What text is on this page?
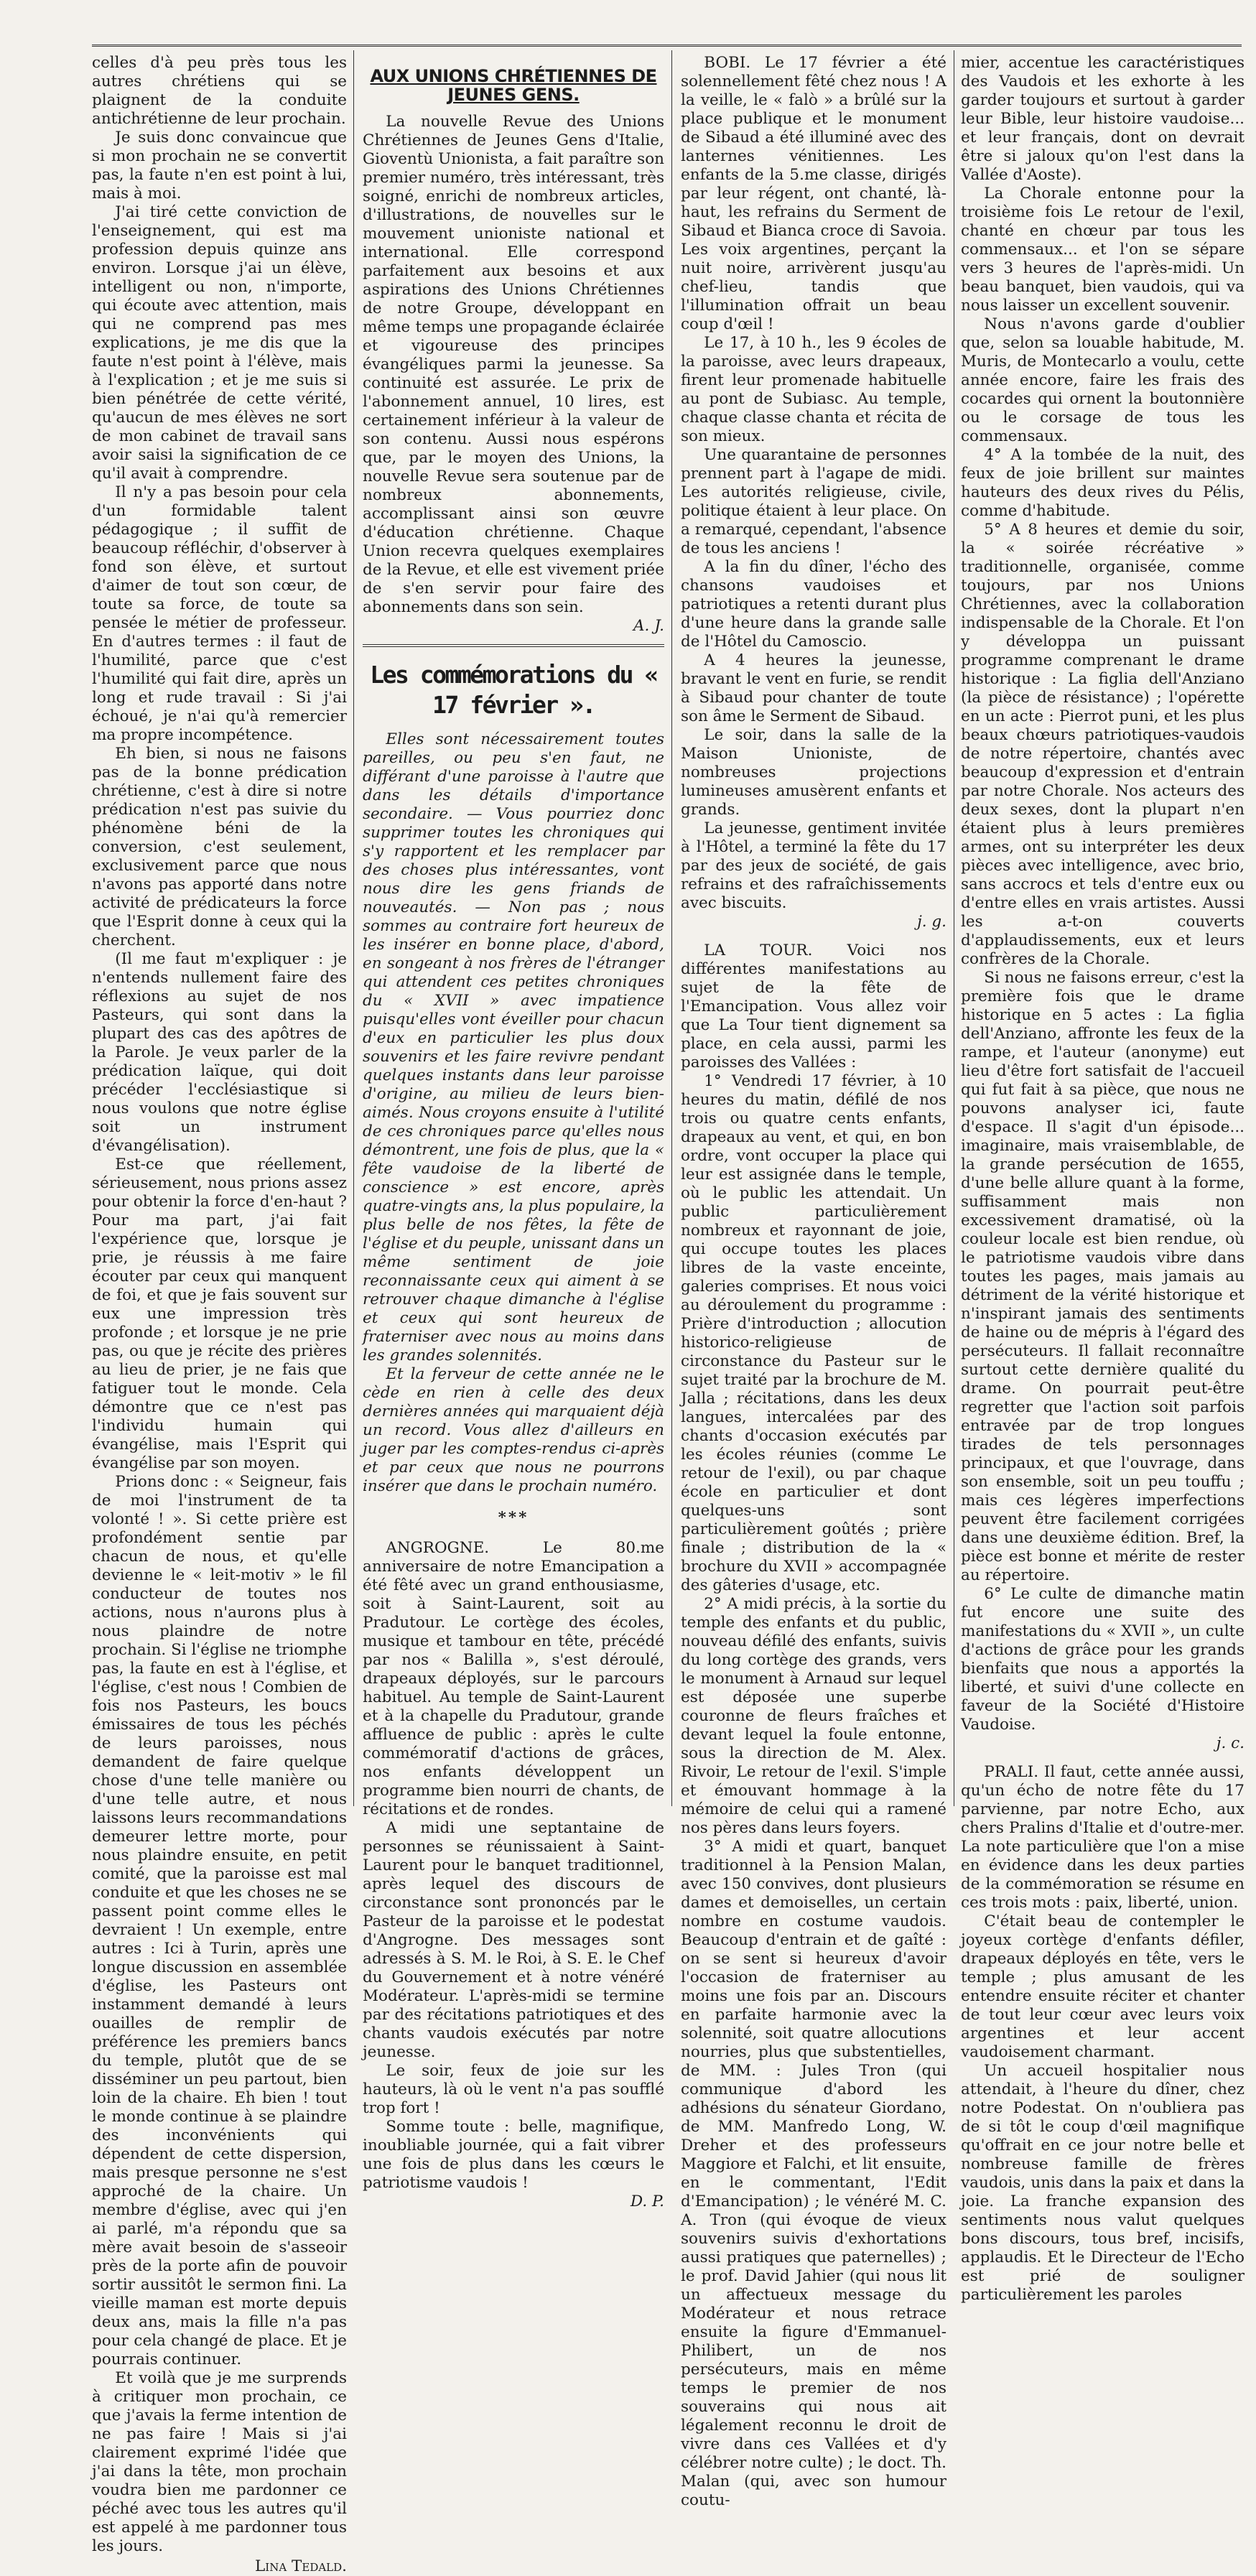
celles d'à peu près tous les autres chrétiens qui se plaignent de la conduite antichrétienne de leur prochain.

Je suis donc convaincue que si mon prochain ne se convertit pas, la faute n'en est point à lui, mais à moi.

J'ai tiré cette conviction de l'enseignement, qui est ma profession depuis quinze ans environ. Lorsque j'ai un élève, intelligent ou non, n'importe, qui écoute avec attention, mais qui ne comprend pas mes explications, je me dis que la faute n'est point à l'élève, mais à l'explication ; et je me suis si bien pénétrée de cette vérité, qu'aucun de mes élèves ne sort de mon cabinet de travail sans avoir saisi la signification de ce qu'il avait à comprendre.

Il n'y a pas besoin pour cela d'un formidable talent pédagogique ; il suffit de beaucoup réfléchir, d'observer à fond son élève, et surtout d'aimer de tout son cœur, de toute sa force, de toute sa pensée le métier de professeur. En d'autres termes : il faut de l'humilité, parce que c'est l'humilité qui fait dire, après un long et rude travail : Si j'ai échoué, je n'ai qu'à remercier ma propre incompétence.

Eh bien, si nous ne faisons pas de la bonne prédication chrétienne, c'est à dire si notre prédication n'est pas suivie du phénomène béni de la conversion, c'est seulement, exclusivement parce que nous n'avons pas apporté dans notre activité de prédicateurs la force que l'Esprit donne à ceux qui la cherchent.

(Il me faut m'expliquer : je n'entends nullement faire des réflexions au sujet de nos Pasteurs, qui sont dans la plupart des cas des apôtres de la Parole. Je veux parler de la prédication laïque, qui doit précéder l'ecclésiastique si nous voulons que notre église soit un instrument d'évangélisation).

Est-ce que réellement, sérieusement, nous prions assez pour obtenir la force d'en-haut ? Pour ma part, j'ai fait l'expérience que, lorsque je prie, je réussis à me faire écouter par ceux qui manquent de foi, et que je fais souvent sur eux une impression très profonde ; et lorsque je ne prie pas, ou que je récite des prières au lieu de prier, je ne fais que fatiguer tout le monde. Cela démontre que ce n'est pas l'individu humain qui évangélise, mais l'Esprit qui évangélise par son moyen.

Prions donc : « Seigneur, fais de moi l'instrument de ta volonté ! ». Si cette prière est profondément sentie par chacun de nous, et qu'elle devienne le « leit-motiv » le fil conducteur de toutes nos actions, nous n'aurons plus à nous plaindre de notre prochain. Si l'église ne triomphe pas, la faute en est à l'église, et l'église, c'est nous ! Combien de fois nos Pasteurs, les boucs émissaires de tous les péchés de leurs paroisses, nous demandent de faire quelque chose d'une telle manière ou d'une telle autre, et nous laissons leurs recommandations demeurer lettre morte, pour nous plaindre ensuite, en petit comité, que la paroisse est mal conduite et que les choses ne se passent point comme elles le devraient ! Un exemple, entre autres : Ici à Turin, après une longue discussion en assemblée d'église, les Pasteurs ont instamment demandé à leurs ouailles de remplir de préférence les premiers bancs du temple, plutôt que de se disséminer un peu partout, bien loin de la chaire. Eh bien ! tout le monde continue à se plaindre des inconvénients qui dépendent de cette dispersion, mais presque personne ne s'est approché de la chaire. Un membre d'église, avec qui j'en ai parlé, m'a répondu que sa mère avait besoin de s'asseoir près de la porte afin de pouvoir sortir aussitôt le sermon fini. La vieille maman est morte depuis deux ans, mais la fille n'a pas pour cela changé de place. Et je pourrais continuer.

Et voilà que je me surprends à critiquer mon prochain, ce que j'avais la ferme intention de ne pas faire ! Mais si j'ai clairement exprimé l'idée que j'ai dans la tête, mon prochain voudra bien me pardonner ce péché avec tous les autres qu'il est appelé à me pardonner tous les jours.

Lina Tedald.
AUX UNIONS CHRÉTIENNES DE JEUNES GENS.

La nouvelle Revue des Unions Chrétiennes de Jeunes Gens d'Italie, Gioventù Unionista, a fait paraître son premier numéro, très intéressant, très soigné, enrichi de nombreux articles, d'illustrations, de nouvelles sur le mouvement unioniste national et international. Elle correspond parfaitement aux besoins et aux aspirations des Unions Chrétiennes de notre Groupe, développant en même temps une propagande éclairée et vigoureuse des principes évangéliques parmi la jeunesse. Sa continuité est assurée. Le prix de l'abonnement annuel, 10 lires, est certainement inférieur à la valeur de son contenu. Aussi nous espérons que, par le moyen des Unions, la nouvelle Revue sera soutenue par de nombreux abonnements, accomplissant ainsi son œuvre d'éducation chrétienne. Chaque Union recevra quelques exemplaires de la Revue, et elle est vivement priée de s'en servir pour faire des abonnements dans son sein.

A. J.
Les commémorations du « 17 février ».

Elles sont nécessairement toutes pareilles, ou peu s'en faut, ne différant d'une paroisse à l'autre que dans les détails d'importance secondaire. — Vous pourriez donc supprimer toutes les chroniques qui s'y rapportent et les remplacer par des choses plus intéressantes, vont nous dire les gens friands de nouveautés. — Non pas ; nous sommes au contraire fort heureux de les insérer en bonne place, d'abord, en songeant à nos frères de l'étranger qui attendent ces petites chroniques du « XVII » avec impatience puisqu'elles vont éveiller pour chacun d'eux en particulier les plus doux souvenirs et les faire revivre pendant quelques instants dans leur paroisse d'origine, au milieu de leurs bien-aimés. Nous croyons ensuite à l'utilité de ces chroniques parce qu'elles nous démontrent, une fois de plus, que la « fête vaudoise de la liberté de conscience » est encore, après quatre-vingts ans, la plus populaire, la plus belle de nos fêtes, la fête de l'église et du peuple, unissant dans un même sentiment de joie reconnaissante ceux qui aiment à se retrouver chaque dimanche à l'église et ceux qui sont heureux de fraterniser avec nous au moins dans les grandes solennités.

Et la ferveur de cette année ne le cède en rien à celle des deux dernières années qui marquaient déjà un record. Vous allez d'ailleurs en juger par les comptes-rendus ci-après et par ceux que nous ne pourrons insérer que dans le prochain numéro.

***

ANGROGNE. Le 80.me anniversaire de notre Emancipation a été fêté avec un grand enthousiasme, soit à Saint-Laurent, soit au Pradutour. Le cortège des écoles, musique et tambour en tête, précédé par nos « Balilla », s'est déroulé, drapeaux déployés, sur le parcours habituel. Au temple de Saint-Laurent et à la chapelle du Pradutour, grande affluence de public : après le culte commémoratif d'actions de grâces, nos enfants développent un programme bien nourri de chants, de récitations et de rondes.

A midi une septantaine de personnes se réunissaient à Saint-Laurent pour le banquet traditionnel, après lequel des discours de circonstance sont prononcés par le Pasteur de la paroisse et le podestat d'Angrogne. Des messages sont adressés à S. M. le Roi, à S. E. le Chef du Gouvernement et à notre vénéré Modérateur. L'après-midi se termine par des récitations patriotiques et des chants vaudois exécutés par notre jeunesse.

Le soir, feux de joie sur les hauteurs, là où le vent n'a pas soufflé trop fort !

Somme toute : belle, magnifique, inoubliable journée, qui a fait vibrer une fois de plus dans les cœurs le patriotisme vaudois !

D. P.

BOBI. Le 17 février a été solennellement fêté chez nous ! A la veille, le « falò » a brûlé sur la place publique et le monument de Sibaud a été illuminé avec des lanternes vénitiennes. Les enfants de la 5.me classe, dirigés par leur régent, ont chanté, là-haut, les refrains du Serment de Sibaud et Bianca croce di Savoia. Les voix argentines, perçant la nuit noire, arrivèrent jusqu'au chef-lieu, tandis que l'illumination offrait un beau coup d'œil !

Le 17, à 10 h., les 9 écoles de la paroisse, avec leurs drapeaux, firent leur promenade habituelle au pont de Subiasc. Au temple, chaque classe chanta et récita de son mieux.

Une quarantaine de personnes prennent part à l'agape de midi. Les autorités religieuse, civile, politique étaient à leur place. On a remarqué, cependant, l'absence de tous les anciens !

A la fin du dîner, l'écho des chansons vaudoises et patriotiques a retenti durant plus d'une heure dans la grande salle de l'Hôtel du Camoscio.

A 4 heures la jeunesse, bravant le vent en furie, se rendit à Sibaud pour chanter de toute son âme le Serment de Sibaud.

Le soir, dans la salle de la Maison Unioniste, de nombreuses projections lumineuses amusèrent enfants et grands.

La jeunesse, gentiment invitée à l'Hôtel, a terminé la fête du 17 par des jeux de société, de gais refrains et des rafraîchissements avec biscuits.

j. g.

LA TOUR. Voici nos différentes manifestations au sujet de la fête de l'Emancipation. Vous allez voir que La Tour tient dignement sa place, en cela aussi, parmi les paroisses des Vallées :

1° Vendredi 17 février, à 10 heures du matin, défilé de nos trois ou quatre cents enfants, drapeaux au vent, et qui, en bon ordre, vont occuper la place qui leur est assignée dans le temple, où le public les attendait. Un public particulièrement nombreux et rayonnant de joie, qui occupe toutes les places libres de la vaste enceinte, galeries comprises. Et nous voici au déroulement du programme : Prière d'introduction ; allocution historico-religieuse de circonstance du Pasteur sur le sujet traité par la brochure de M. Jalla ; récitations, dans les deux langues, intercalées par des chants d'occasion exécutés par les écoles réunies (comme Le retour de l'exil), ou par chaque école en particulier et dont quelques-uns sont particulièrement goûtés ; prière finale ; distribution de la « brochure du XVII » accompagnée des gâteries d'usage, etc.

2° A midi précis, à la sortie du temple des enfants et du public, nouveau défilé des enfants, suivis du long cortège des grands, vers le monument à Arnaud sur lequel est déposée une superbe couronne de fleurs fraîches et devant lequel la foule entonne, sous la direction de M. Alex. Rivoir, Le retour de l'exil. S'imple et émouvant hommage à la mémoire de celui qui a ramené nos pères dans leurs foyers.

3° A midi et quart, banquet traditionnel à la Pension Malan, avec 150 convives, dont plusieurs dames et demoiselles, un certain nombre en costume vaudois. Beaucoup d'entrain et de gaîté : on se sent si heureux d'avoir l'occasion de fraterniser au moins une fois par an. Discours en parfaite harmonie avec la solennité, soit quatre allocutions nourries, plus que substentielles, de MM. : Jules Tron (qui communique d'abord les adhésions du sénateur Giordano, de MM. Manfredo Long, W. Dreher et des professeurs Maggiore et Falchi, et lit ensuite, en le commentant, l'Edit d'Emancipation) ; le vénéré M. C. A. Tron (qui évoque de vieux souvenirs suivis d'exhortations aussi pratiques que paternelles) ; le prof. David Jahier (qui nous lit un affectueux message du Modérateur et nous retrace ensuite la figure d'Emmanuel-Philibert, un de nos persécuteurs, mais en même temps le premier de nos souverains qui nous ait légalement reconnu le droit de vivre dans ces Vallées et d'y célébrer notre culte) ; le doct. Th. Malan (qui, avec son humour coutu-

mier, accentue les caractéristiques des Vaudois et les exhorte à les garder toujours et surtout à garder leur Bible, leur histoire vaudoise... et leur français, dont on devrait être si jaloux qu'on l'est dans la Vallée d'Aoste).

La Chorale entonne pour la troisième fois Le retour de l'exil, chanté en chœur par tous les commensaux... et l'on se sépare vers 3 heures de l'après-midi. Un beau banquet, bien vaudois, qui va nous laisser un excellent souvenir.

Nous n'avons garde d'oublier que, selon sa louable habitude, M. Muris, de Montecarlo a voulu, cette année encore, faire les frais des cocardes qui ornent la boutonnière ou le corsage de tous les commensaux.

4° A la tombée de la nuit, des feux de joie brillent sur maintes hauteurs des deux rives du Pélis, comme d'habitude.

5° A 8 heures et demie du soir, la « soirée récréative » traditionnelle, organisée, comme toujours, par nos Unions Chrétiennes, avec la collaboration indispensable de la Chorale. Et l'on y développa un puissant programme comprenant le drame historique : La figlia dell'Anziano (la pièce de résistance) ; l'opérette en un acte : Pierrot puni, et les plus beaux chœurs patriotiques-vaudois de notre répertoire, chantés avec beaucoup d'expression et d'entrain par notre Chorale. Nos acteurs des deux sexes, dont la plupart n'en étaient plus à leurs premières armes, ont su interpréter les deux pièces avec intelligence, avec brio, sans accrocs et tels d'entre eux ou d'entre elles en vrais artistes. Aussi les a-t-on couverts d'applaudissements, eux et leurs confrères de la Chorale.

Si nous ne faisons erreur, c'est la première fois que le drame historique en 5 actes : La figlia dell'Anziano, affronte les feux de la rampe, et l'auteur (anonyme) eut lieu d'être fort satisfait de l'accueil qui fut fait à sa pièce, que nous ne pouvons analyser ici, faute d'espace. Il s'agit d'un épisode... imaginaire, mais vraisemblable, de la grande persécution de 1655, d'une belle allure quant à la forme, suffisamment mais non excessivement dramatisé, où la couleur locale est bien rendue, où le patriotisme vaudois vibre dans toutes les pages, mais jamais au détriment de la vérité historique et n'inspirant jamais des sentiments de haine ou de mépris à l'égard des persécuteurs. Il fallait reconnaître surtout cette dernière qualité du drame. On pourrait peut-être regretter que l'action soit parfois entravée par de trop longues tirades de tels personnages principaux, et que l'ouvrage, dans son ensemble, soit un peu touffu ; mais ces légères imperfections peuvent être facilement corrigées dans une deuxième édition. Bref, la pièce est bonne et mérite de rester au répertoire.

6° Le culte de dimanche matin fut encore une suite des manifestations du « XVII », un culte d'actions de grâce pour les grands bienfaits que nous a apportés la liberté, et suivi d'une collecte en faveur de la Société d'Histoire Vaudoise.

j. c.

PRALI. Il faut, cette année aussi, qu'un écho de notre fête du 17 parvienne, par notre Echo, aux chers Pralins d'Italie et d'outre-mer. La note particulière que l'on a mise en évidence dans les deux parties de la commémoration se résume en ces trois mots : paix, liberté, union.

C'était beau de contempler le joyeux cortège d'enfants défiler, drapeaux déployés en tête, vers le temple ; plus amusant de les entendre ensuite réciter et chanter de tout leur cœur avec leurs voix argentines et leur accent vaudoisement charmant.

Un accueil hospitalier nous attendait, à l'heure du dîner, chez notre Podestat. On n'oubliera pas de si tôt le coup d'œil magnifique qu'offrait en ce jour notre belle et nombreuse famille de frères vaudois, unis dans la paix et dans la joie. La franche expansion des sentiments nous valut quelques bons discours, tous bref, incisifs, applaudis. Et le Directeur de l'Echo est prié de souligner particulièrement les paroles
